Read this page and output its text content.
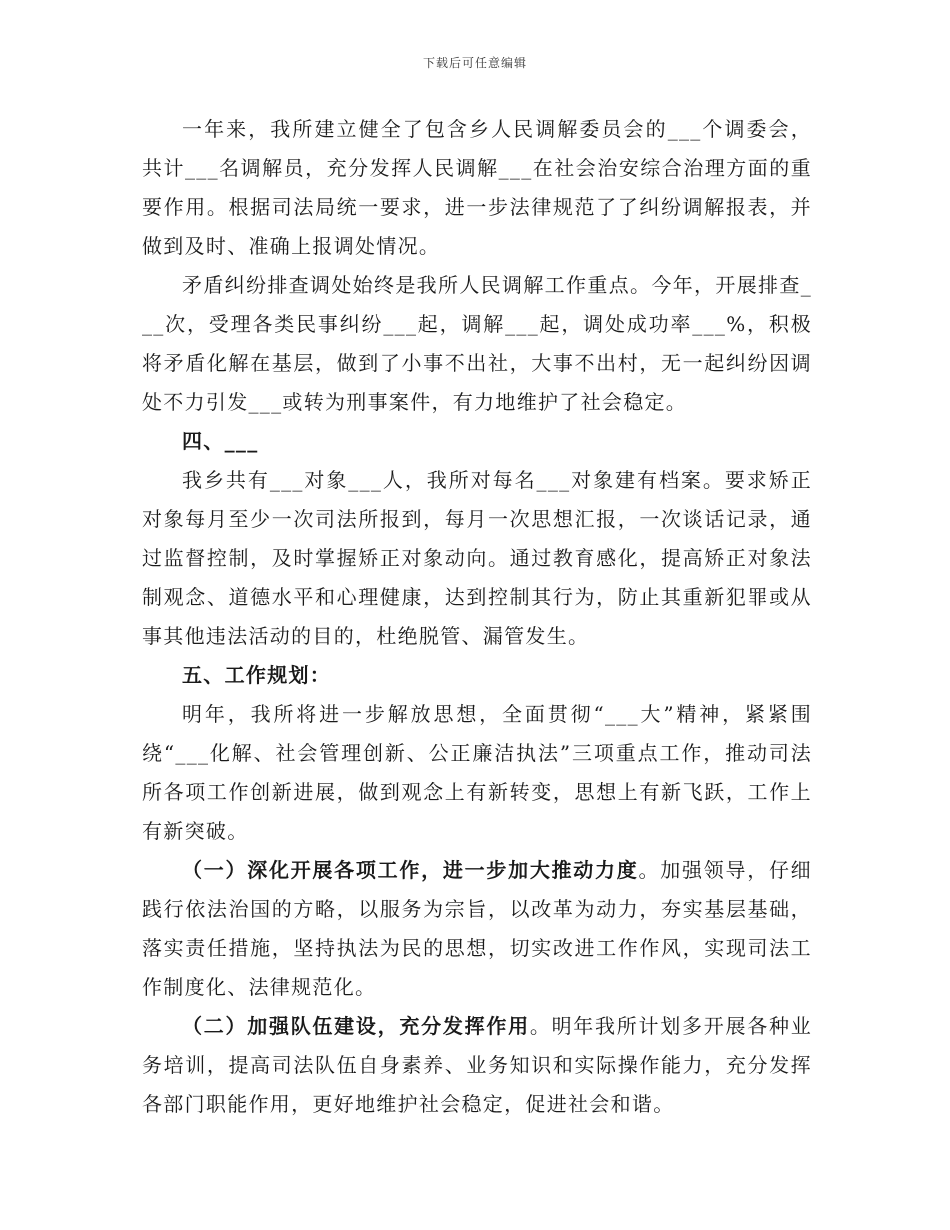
下载后可任意编辑

一年来，我所建立健全了包含乡人民调解委员会的___个调委会，共计___名调解员，充分发挥人民调解___在社会治安综合治理方面的重要作用。根据司法局统一要求，进一步法律规范了了纠纷调解报表，并做到及时、准确上报调处情况。

矛盾纠纷排查调处始终是我所人民调解工作重点。今年，开展排查___次，受理各类民事纠纷___起，调解___起，调处成功率___%，积极将矛盾化解在基层，做到了小事不出社，大事不出村，无一起纠纷因调处不力引发___或转为刑事案件，有力地维护了社会稳定。

四、___

我乡共有___对象___人，我所对每名___对象建有档案。要求矫正对象每月至少一次司法所报到，每月一次思想汇报，一次谈话记录，通过监督控制，及时掌握矫正对象动向。通过教育感化，提高矫正对象法制观念、道德水平和心理健康，达到控制其行为，防止其重新犯罪或从事其他违法活动的目的，杜绝脱管、漏管发生。

五、工作规划：

明年，我所将进一步解放思想，全面贯彻“___大”精神，紧紧围绕“___化解、社会管理创新、公正廉洁执法”三项重点工作，推动司法所各项工作创新进展，做到观念上有新转变，思想上有新飞跃，工作上有新突破。

（一）深化开展各项工作，进一步加大推动力度。加强领导，仔细践行依法治国的方略，以服务为宗旨，以改革为动力，夯实基层基础，落实责任措施，坚持执法为民的思想，切实改进工作作风，实现司法工作制度化、法律规范化。

（二）加强队伍建设，充分发挥作用。明年我所计划多开展各种业务培训，提高司法队伍自身素养、业务知识和实际操作能力，充分发挥各部门职能作用，更好地维护社会稳定，促进社会和谐。
